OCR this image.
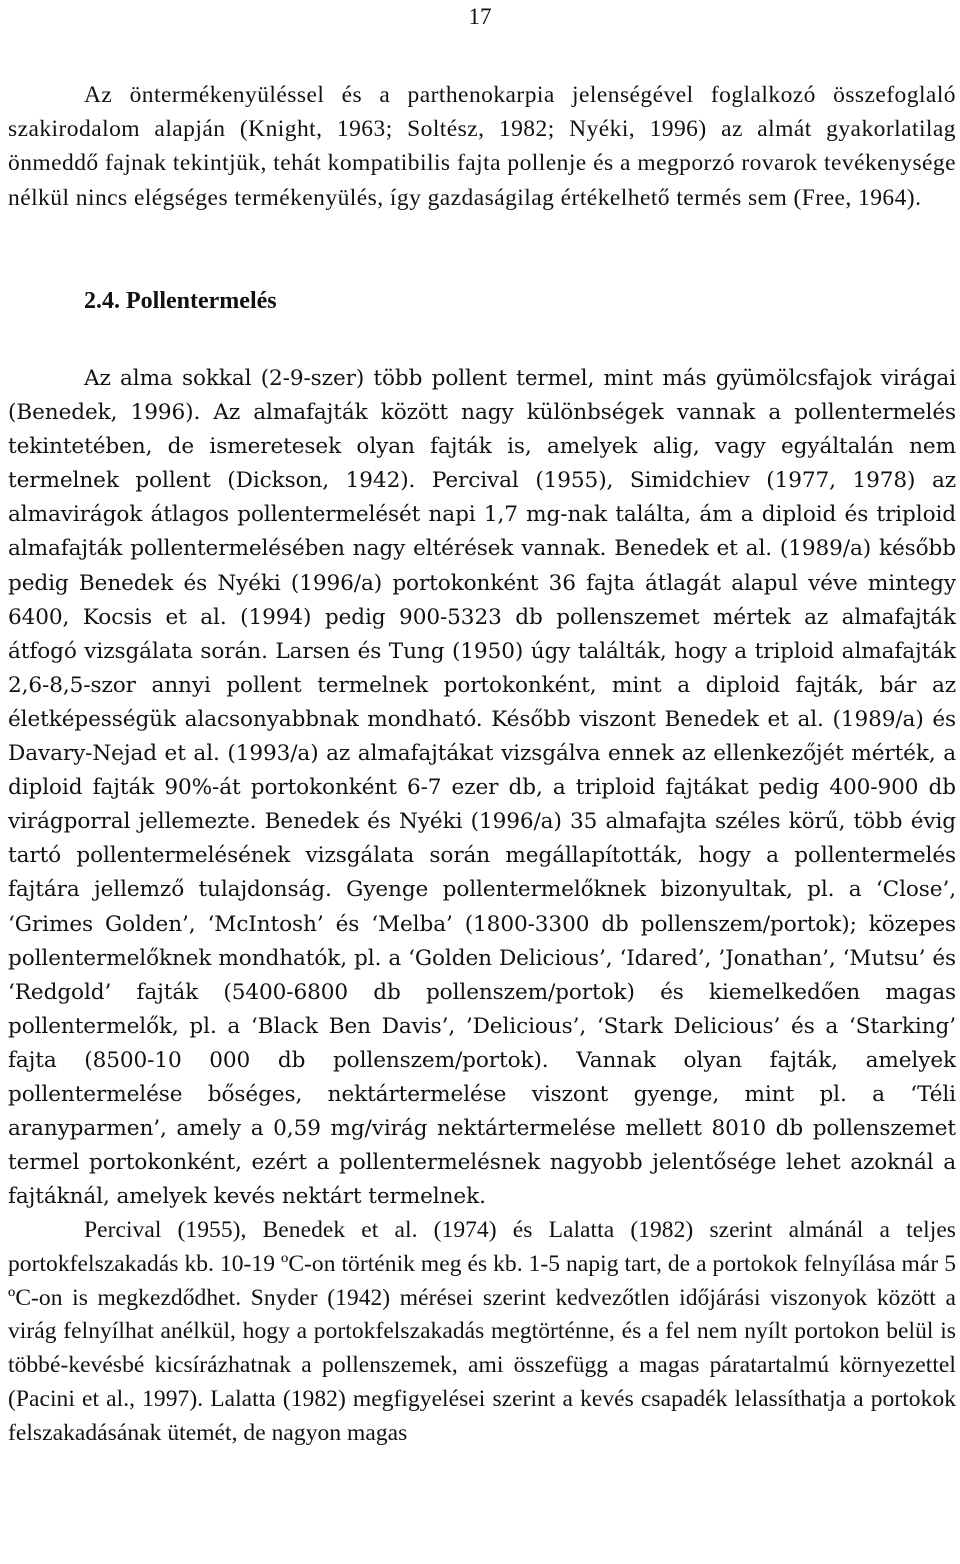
17

Az öntermékenyüléssel és a parthenokarpia jelenségével foglalkozó összefoglaló szakirodalom alapján (Knight, 1963; Soltész, 1982; Nyéki, 1996) az almát gyakorlatilag önmeddő fajnak tekintjük, tehát kompatibilis fajta pollenje és a megporzó rovarok tevékenysége nélkül nincs elégséges termékenyülés, így gazdaságilag értékelhető termés sem (Free, 1964).

2.4. Pollentermelés

Az alma sokkal (2-9-szer) több pollent termel, mint más gyümölcsfajok virágai (Benedek, 1996). Az almafajták között nagy különbségek vannak a pollentermelés tekintetében, de ismeretesek olyan fajták is, amelyek alig, vagy egyáltalán nem termelnek pollent (Dickson, 1942). Percival (1955), Simidchiev (1977, 1978) az almavirágok átlagos pollentermelését napi 1,7 mg-nak találta, ám a diploid és triploid almafajták pollentermelésében nagy eltérések vannak. Benedek et al. (1989/a) később pedig Benedek és Nyéki (1996/a) portokonként 36 fajta átlagát alapul véve mintegy 6400, Kocsis et al. (1994) pedig 900-5323 db pollenszemet mértek az almafajták átfogó vizsgálata során. Larsen és Tung (1950) úgy találták, hogy a triploid almafajták 2,6-8,5-szor annyi pollent termelnek portokonként, mint a diploid fajták, bár az életképességük alacsonyabbnak mondható. Később viszont Benedek et al. (1989/a) és Davary-Nejad et al. (1993/a) az almafajtákat vizsgálva ennek az ellenkezőjét mérték, a diploid fajták 90%-át portokonként 6-7 ezer db, a triploid fajtákat pedig 400-900 db virágporral jellemezte. Benedek és Nyéki (1996/a) 35 almafajta széles körű, több évig tartó pollentermelésének vizsgálata során megállapították, hogy a pollentermelés fajtára jellemző tulajdonság. Gyenge pollentermelőknek bizonyultak, pl. a ‘Close’, ‘Grimes Golden’, ‘McIntosh’ és ‘Melba’ (1800-3300 db pollenszem/portok); közepes pollentermelőknek mondhatók, pl. a ‘Golden Delicious’, ‘Idared’, ’Jonathan’, ‘Mutsu’ és ‘Redgold’ fajták (5400-6800 db pollenszem/portok) és kiemelkedően magas pollentermelők, pl. a ‘Black Ben Davis’, ’Delicious’, ‘Stark Delicious’ és a ‘Starking’ fajta (8500-10 000 db pollenszem/portok). Vannak olyan fajták, amelyek pollentermelése bőséges, nektártermelése viszont gyenge, mint pl. a ‘Téli aranyparmen’, amely a 0,59 mg/virág nektártermelése mellett 8010 db pollenszemet termel portokonként, ezért a pollentermelésnek nagyobb jelentősége lehet azoknál a fajtáknál, amelyek kevés nektárt termelnek.

Percival (1955), Benedek et al. (1974) és Lalatta (1982) szerint almánál a teljes portokfelszakadás kb. 10-19 ºC-on történik meg és kb. 1-5 napig tart, de a portokok felnyílása már 5 ºC-on is megkezdődhet. Snyder (1942) mérései szerint kedvezőtlen időjárási viszonyok között a virág felnyílhat anélkül, hogy a portokfelszakadás megtörténne, és a fel nem nyílt portokon belül is többé-kevésbé kicsírázhatnak a pollenszemek, ami összefügg a magas páratartalmú környezettel (Pacini et al., 1997). Lalatta (1982) megfigyelései szerint a kevés csapadék lelassíthatja a portokok felszakadásának ütemét, de nagyon magas
